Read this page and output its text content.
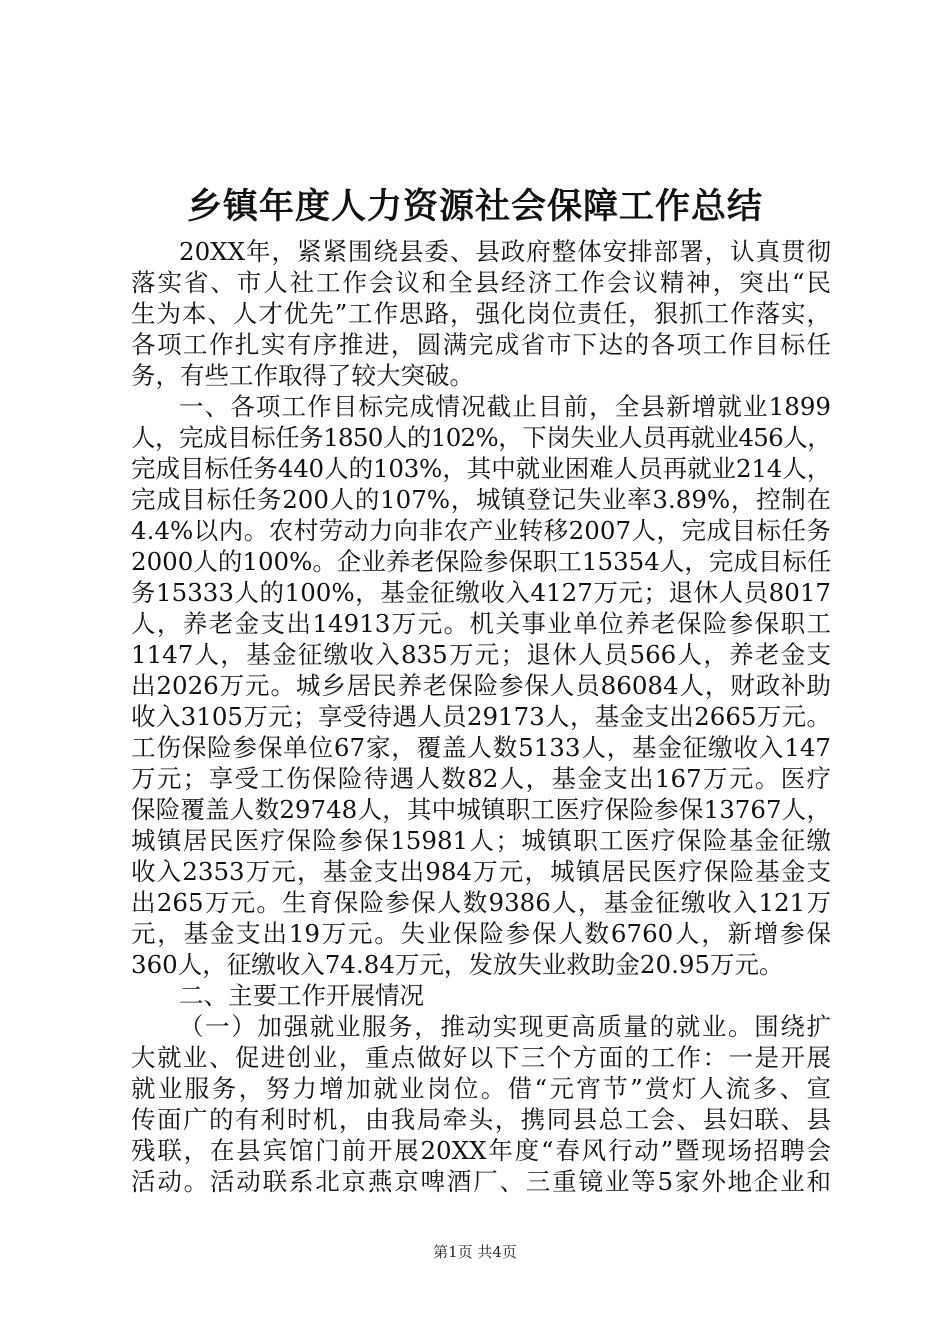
乡镇年度人力资源社会保障工作总结
20XX年，紧紧围绕县委、县政府整体安排部署，认真贯彻
落实省、市人社工作会议和全县经济工作会议精神，突出“民
生为本、人才优先”工作思路，强化岗位责任，狠抓工作落实，
各项工作扎实有序推进，圆满完成省市下达的各项工作目标任
务，有些工作取得了较大突破。
一、各项工作目标完成情况截止目前，全县新增就业1899
人，完成目标任务1850人的102%，下岗失业人员再就业456人，
完成目标任务440人的103%，其中就业困难人员再就业214人，
完成目标任务200人的107%，城镇登记失业率3.89%，控制在
4.4%以内。农村劳动力向非农产业转移2007人，完成目标任务
2000人的100%。企业养老保险参保职工15354人，完成目标任
务15333人的100%，基金征缴收入4127万元；退休人员8017
人，养老金支出14913万元。机关事业单位养老保险参保职工
1147人，基金征缴收入835万元；退休人员566人，养老金支
出2026万元。城乡居民养老保险参保人员86084人，财政补助
收入3105万元；享受待遇人员29173人，基金支出2665万元。
工伤保险参保单位67家，覆盖人数5133人，基金征缴收入147
万元；享受工伤保险待遇人数82人，基金支出167万元。医疗
保险覆盖人数29748人，其中城镇职工医疗保险参保13767人，
城镇居民医疗保险参保15981人；城镇职工医疗保险基金征缴
收入2353万元，基金支出984万元，城镇居民医疗保险基金支
出265万元。生育保险参保人数9386人，基金征缴收入121万
元，基金支出19万元。失业保险参保人数6760人，新增参保
360人，征缴收入74.84万元，发放失业救助金20.95万元。
二、主要工作开展情况
（一）加强就业服务，推动实现更高质量的就业。围绕扩
大就业、促进创业，重点做好以下三个方面的工作：一是开展
就业服务，努力增加就业岗位。借“元宵节”赏灯人流多、宣
传面广的有利时机，由我局牵头，携同县总工会、县妇联、县
残联，在县宾馆门前开展20XX年度“春风行动”暨现场招聘会
活动。活动联系北京燕京啤酒厂、三重镜业等5家外地企业和
第1页 共4页
